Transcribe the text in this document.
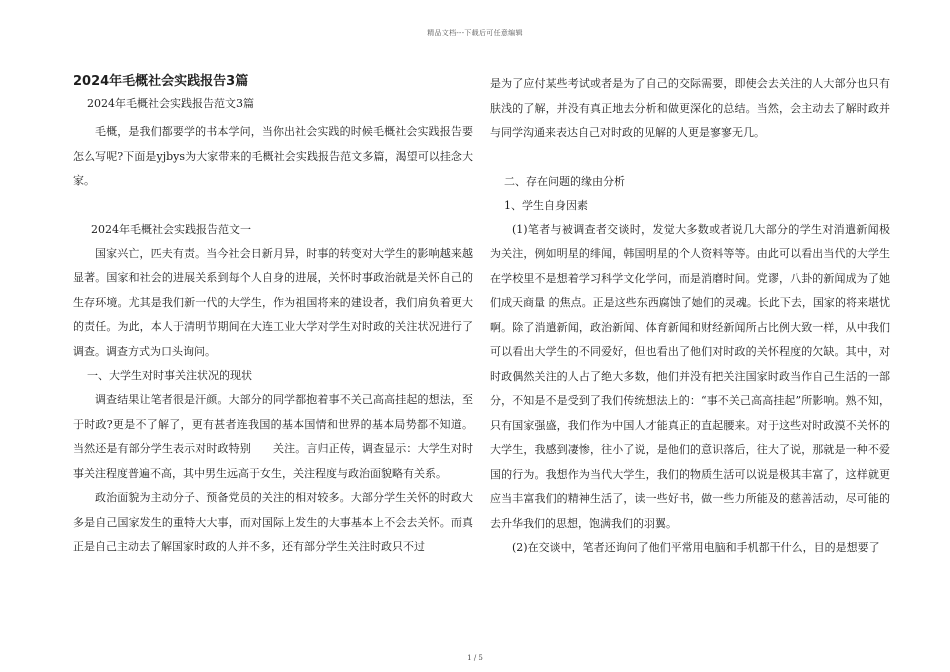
精品文档---下载后可任意编辑
2024年毛概社会实践报告3篇
2024年毛概社会实践报告范文3篇

毛概，是我们都要学的书本学问，当你出社会实践的时候毛概社会实践报告要怎么写呢?下面是yjbys为大家带来的毛概社会实践报告范文多篇，渴望可以挂念大家。

2024年毛概社会实践报告范文一

国家兴亡，匹夫有责。当今社会日新月异，时事的转变对大学生的影响越来越显著。国家和社会的进展关系到每个人自身的进展，关怀时事政治就是关怀自己的生存环境。尤其是我们新一代的大学生，作为祖国将来的建设者，我们肩负着更大的责任。为此，本人于清明节期间在大连工业大学对学生对时政的关注状况进行了调查。调查方式为口头询问。

一、大学生对时事关注状况的现状

调查结果让笔者很是汗颜。大部分的同学都抱着事不关己高高挂起的想法，至于时政?更是不了解了，更有甚者连我国的基本国情和世界的基本局势都不知道。当然还是有部分学生表示对时政特别　　关注。言归正传，调查显示：大学生对时事关注程度普遍不高，其中男生远高于女生，关注程度与政治面貌略有关系。

政治面貌为主动分子、预备党员的关注的相对较多。大部分学生关怀的时政大多是自己国家发生的重特大大事，而对国际上发生的大事基本上不会去关怀。而真正是自己主动去了解国家时政的人并不多，还有部分学生关注时政只不过

是为了应付某些考试或者是为了自己的交际需要，即使会去关注的人大部分也只有肤浅的了解，并没有真正地去分析和做更深化的总结。当然，会主动去了解时政并与同学沟通来表达自己对时政的见解的人更是寥寥无几。

二、存在问题的缘由分析
1、学生自身因素

(1)笔者与被调查者交谈时，发觉大多数或者说几大部分的学生对消遣新闻极为关注，例如明星的绯闻，韩国明星的个人资料等等。由此可以看出当代的大学生在学校里不是想着学习科学文化学问，而是消磨时间。党谬，八卦的新闻成为了她们成天商量 的焦点。正是这些东西腐蚀了她们的灵魂。长此下去，国家的将来堪忧啊。除了消遣新闻，政治新闻、体育新闻和财经新闻所占比例大致一样，从中我们可以看出大学生的不同爱好，但也看出了他们对时政的关怀程度的欠缺。其中，对时政偶然关注的人占了绝大多数，他们并没有把关注国家时政当作自己生活的一部分，不知是不是受到了我们传统想法上的：“事不关己高高挂起”所影响。熟不知，只有国家强盛，我们作为中国人才能真正的直起腰来。对于这些对时政漠不关怀的大学生，我感到凄惨，往小了说，是他们的意识落后，往大了说，那就是一种不爱国的行为。我想作为当代大学生，我们的物质生活可以说是极其丰富了，这样就更应当丰富我们的精神生活了，读一些好书，做一些力所能及的慈善活动，尽可能的去升华我们的思想，饱满我们的羽翼。

(2)在交谈中，笔者还询问了他们平常用电脑和手机都干什么，目的是想要了

1 / 5
